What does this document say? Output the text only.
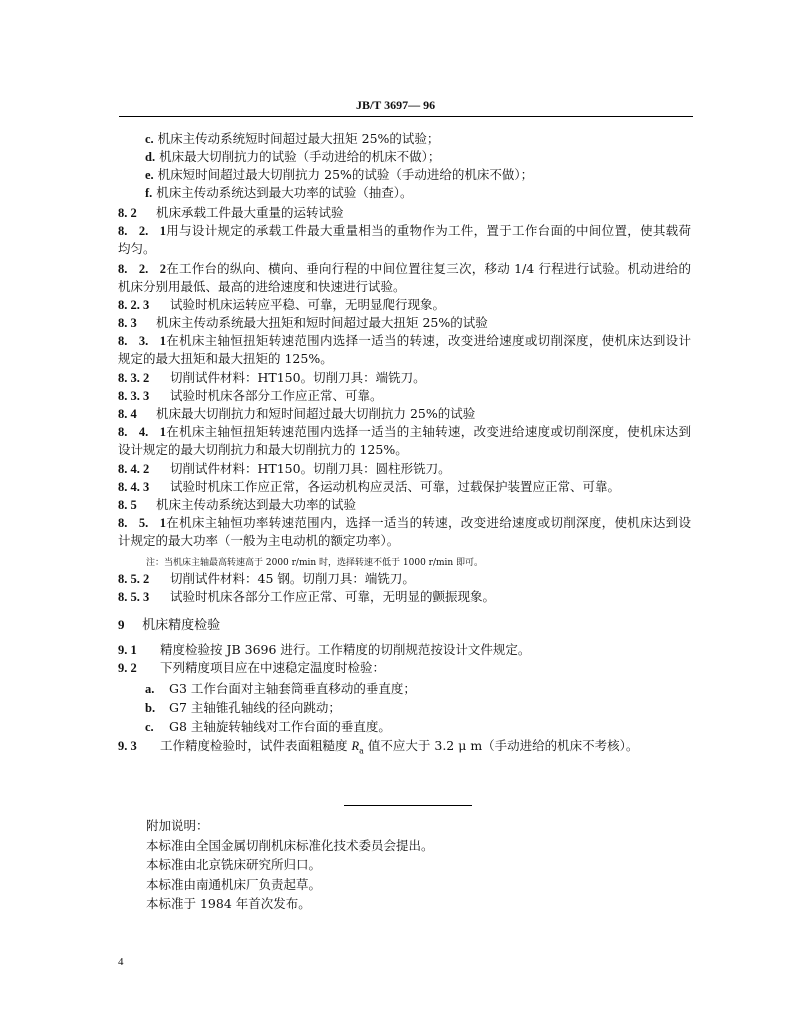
JB/T 3697— 96
c. 机床主传动系统短时间超过最大扭矩 25%的试验；
d. 机床最大切削抗力的试验（手动进给的机床不做）；
e. 机床短时间超过最大切削抗力 25%的试验（手动进给的机床不做）；
f. 机床主传动系统达到最大功率的试验（抽查）。
8. 2 机床承载工件最大重量的运转试验
8. 2. 1用与设计规定的承载工件最大重量相当的重物作为工件，置于工作台面的中间位置，使其载荷
均匀。
8. 2. 2在工作台的纵向、横向、垂向行程的中间位置往复三次，移动 1/4 行程进行试验。机动进给的
机床分别用最低、最高的进给速度和快速进行试验。
8. 2. 3 试验时机床运转应平稳、可靠，无明显爬行现象。
8. 3 机床主传动系统最大扭矩和短时间超过最大扭矩 25%的试验
8. 3. 1在机床主轴恒扭矩转速范围内选择一适当的转速，改变进给速度或切削深度，使机床达到设计
规定的最大扭矩和最大扭矩的 125%。
8. 3. 2 切削试件材料：HT150。切削刀具：端铣刀。
8. 3. 3 试验时机床各部分工作应正常、可靠。
8. 4 机床最大切削抗力和短时间超过最大切削抗力 25%的试验
8. 4. 1在机床主轴恒扭矩转速范围内选择一适当的主轴转速，改变进给速度或切削深度，使机床达到
设计规定的最大切削抗力和最大切削抗力的 125%。
8. 4. 2 切削试件材料：HT150。切削刀具：圆柱形铣刀。
8. 4. 3 试验时机床工作应正常，各运动机构应灵活、可靠，过载保护装置应正常、可靠。
8. 5 机床主传动系统达到最大功率的试验
8. 5. 1在机床主轴恒功率转速范围内，选择一适当的转速，改变进给速度或切削深度，使机床达到设
计规定的最大功率（一般为主电动机的额定功率）。
注：当机床主轴最高转速高于 2000 r/min 时，选择转速不低于 1000 r/min 即可。
8. 5. 2 切削试件材料：45 钢。切削刀具：端铣刀。
8. 5. 3 试验时机床各部分工作应正常、可靠，无明显的颤振现象。
9 机床精度检验
9. 1 精度检验按 JB 3696 进行。工作精度的切削规范按设计文件规定。
9. 2 下列精度项目应在中速稳定温度时检验：
a. G3 工作台面对主轴套筒垂直移动的垂直度；
b. G7 主轴锥孔轴线的径向跳动；
c. G8 主轴旋转轴线对工作台面的垂直度。
9. 3 工作精度检验时，试件表面粗糙度 $R_a$ 值不应大于 3.2 μ m（手动进给的机床不考核）。
附加说明：
本标准由全国金属切削机床标准化技术委员会提出。
本标准由北京铣床研究所归口。
本标准由南通机床厂负责起草。
本标准于 1984 年首次发布。
4
